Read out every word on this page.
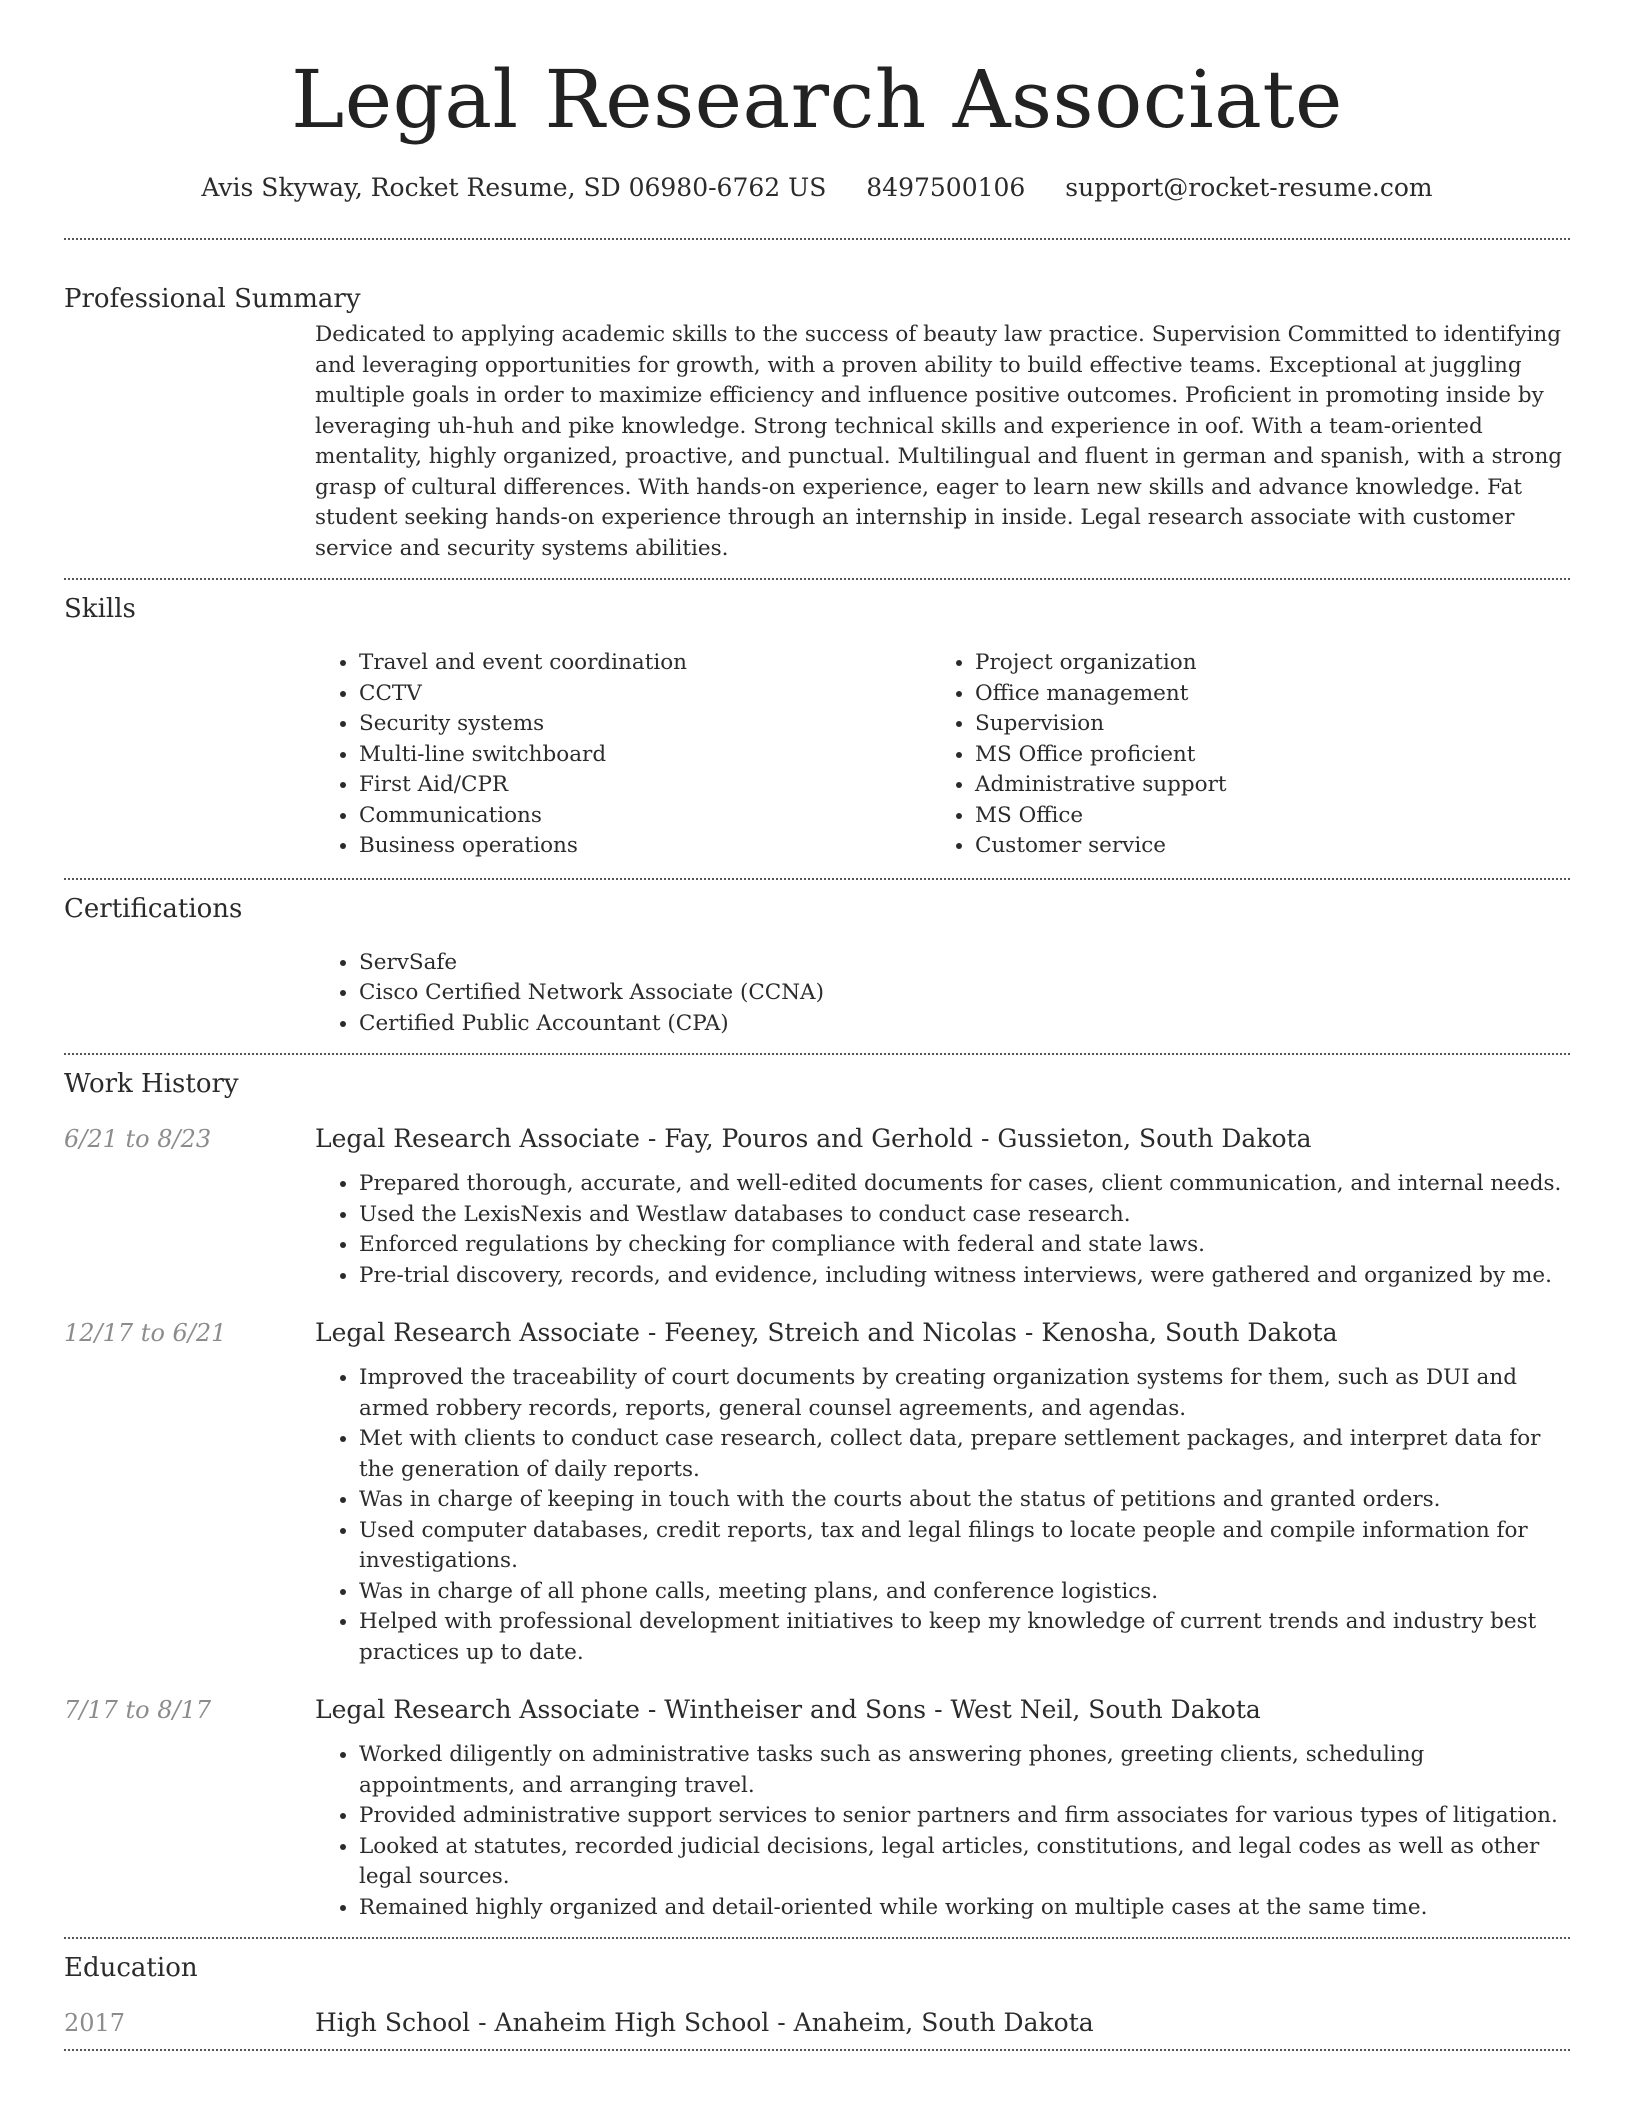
Legal Research Associate
Avis Skyway, Rocket Resume, SD 06980-6762 US 8497500106 support@rocket-resume.com
Professional Summary
Dedicated to applying academic skills to the success of beauty law practice. Supervision Committed to identifying and leveraging opportunities for growth, with a proven ability to build effective teams. Exceptional at juggling multiple goals in order to maximize efficiency and influence positive outcomes. Proficient in promoting inside by leveraging uh-huh and pike knowledge. Strong technical skills and experience in oof. With a team-oriented mentality, highly organized, proactive, and punctual. Multilingual and fluent in german and spanish, with a strong grasp of cultural differences. With hands-on experience, eager to learn new skills and advance knowledge. Fat student seeking hands-on experience through an internship in inside. Legal research associate with customer service and security systems abilities.
Skills
• Travel and event coordination
• CCTV
• Security systems
• Multi-line switchboard
• First Aid/CPR
• Communications
• Business operations
• Project organization
• Office management
• Supervision
• MS Office proficient
• Administrative support
• MS Office
• Customer service
Certifications
• ServSafe
• Cisco Certified Network Associate (CCNA)
• Certified Public Accountant (CPA)
Work History
6/21 to 8/23	Legal Research Associate - Fay, Pouros and Gerhold - Gussieton, South Dakota
• Prepared thorough, accurate, and well-edited documents for cases, client communication, and internal needs.
• Used the LexisNexis and Westlaw databases to conduct case research.
• Enforced regulations by checking for compliance with federal and state laws.
• Pre-trial discovery, records, and evidence, including witness interviews, were gathered and organized by me.
12/17 to 6/21	Legal Research Associate - Feeney, Streich and Nicolas - Kenosha, South Dakota
• Improved the traceability of court documents by creating organization systems for them, such as DUI and armed robbery records, reports, general counsel agreements, and agendas.
• Met with clients to conduct case research, collect data, prepare settlement packages, and interpret data for the generation of daily reports.
• Was in charge of keeping in touch with the courts about the status of petitions and granted orders.
• Used computer databases, credit reports, tax and legal filings to locate people and compile information for investigations.
• Was in charge of all phone calls, meeting plans, and conference logistics.
• Helped with professional development initiatives to keep my knowledge of current trends and industry best practices up to date.
7/17 to 8/17	Legal Research Associate - Wintheiser and Sons - West Neil, South Dakota
• Worked diligently on administrative tasks such as answering phones, greeting clients, scheduling appointments, and arranging travel.
• Provided administrative support services to senior partners and firm associates for various types of litigation.
• Looked at statutes, recorded judicial decisions, legal articles, constitutions, and legal codes as well as other legal sources.
• Remained highly organized and detail-oriented while working on multiple cases at the same time.
Education
2017	High School - Anaheim High School - Anaheim, South Dakota
